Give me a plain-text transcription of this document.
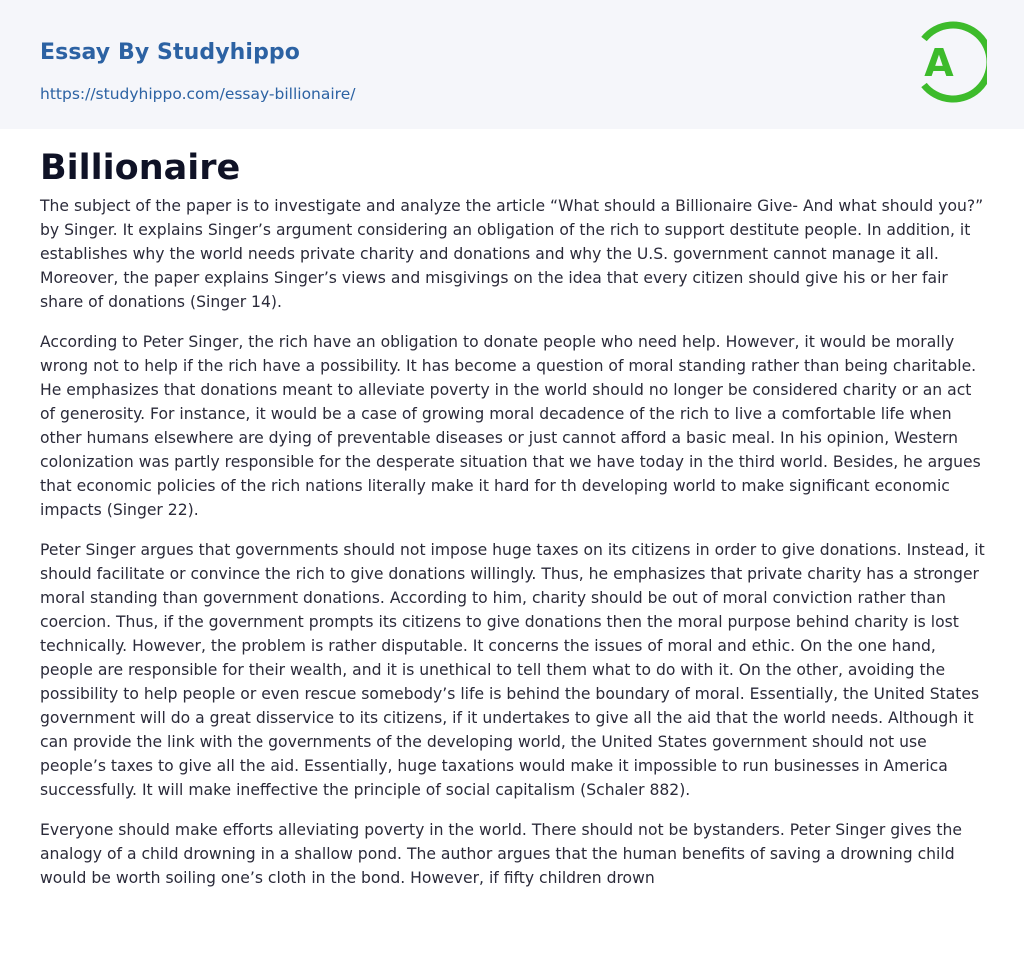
Essay By Studyhippo
https://studyhippo.com/essay-billionaire/
A
Billionaire

The subject of the paper is to investigate and analyze the article “What should a Billionaire Give- And what should you?” by Singer. It explains Singer’s argument considering an obligation of the rich to support destitute people. In addition, it establishes why the world needs private charity and donations and why the U.S. government cannot manage it all. Moreover, the paper explains Singer’s views and misgivings on the idea that every citizen should give his or her fair share of donations (Singer 14).

According to Peter Singer, the rich have an obligation to donate people who need help. However, it would be morally wrong not to help if the rich have a possibility. It has become a question of moral standing rather than being charitable. He emphasizes that donations meant to alleviate poverty in the world should no longer be considered charity or an act of generosity. For instance, it would be a case of growing moral decadence of the rich to live a comfortable life when other humans elsewhere are dying of preventable diseases or just cannot afford a basic meal. In his opinion, Western colonization was partly responsible for the desperate situation that we have today in the third world. Besides, he argues that economic policies of the rich nations literally make it hard for th developing world to make significant economic impacts (Singer 22).

Peter Singer argues that governments should not impose huge taxes on its citizens in order to give donations. Instead, it should facilitate or convince the rich to give donations willingly. Thus, he emphasizes that private charity has a stronger moral standing than government donations. According to him, charity should be out of moral conviction rather than coercion. Thus, if the government prompts its citizens to give donations then the moral purpose behind charity is lost technically. However, the problem is rather disputable. It concerns the issues of moral and ethic. On the one hand, people are responsible for their wealth, and it is unethical to tell them what to do with it. On the other, avoiding the possibility to help people or even rescue somebody’s life is behind the boundary of moral. Essentially, the United States government will do a great disservice to its citizens, if it undertakes to give all the aid that the world needs. Although it can provide the link with the governments of the developing world, the United States government should not use people’s taxes to give all the aid. Essentially, huge taxations would make it impossible to run businesses in America successfully. It will make ineffective the principle of social capitalism (Schaler 882).

Everyone should make efforts alleviating poverty in the world. There should not be bystanders. Peter Singer gives the analogy of a child drowning in a shallow pond. The author argues that the human benefits of saving a drowning child would be worth soiling one’s cloth in the bond. However, if fifty children drown
